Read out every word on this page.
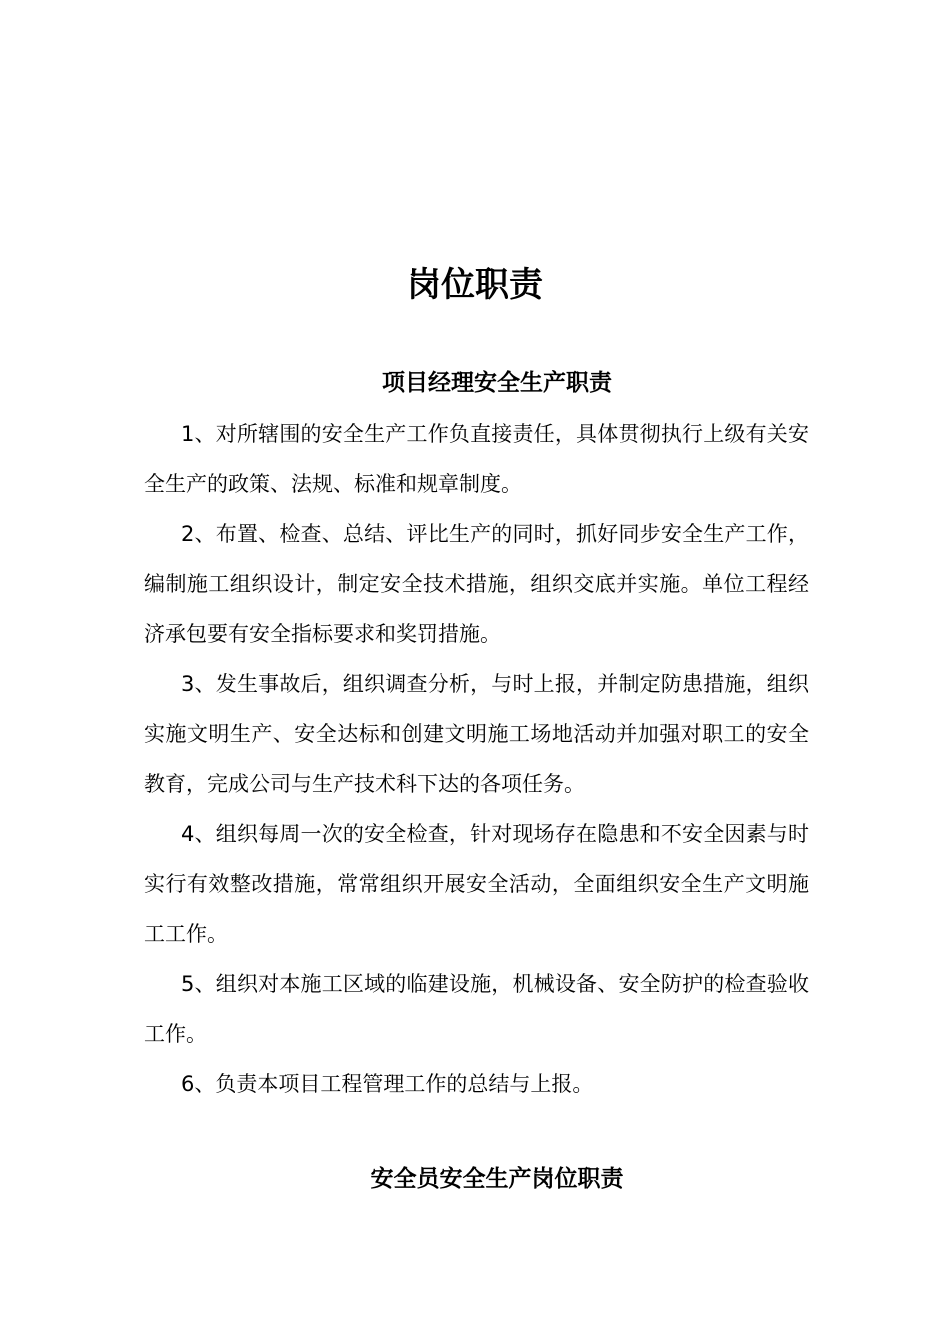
岗位职责
项目经理安全生产职责

1、对所辖围的安全生产工作负直接责任，具体贯彻执行上级有关安全生产的政策、法规、标准和规章制度。

2、布置、检查、总结、评比生产的同时，抓好同步安全生产工作，编制施工组织设计，制定安全技术措施，组织交底并实施。单位工程经济承包要有安全指标要求和奖罚措施。

3、发生事故后，组织调查分析，与时上报，并制定防患措施，组织实施文明生产、安全达标和创建文明施工场地活动并加强对职工的安全教育，完成公司与生产技术科下达的各项任务。

4、组织每周一次的安全检查，针对现场存在隐患和不安全因素与时实行有效整改措施，常常组织开展安全活动，全面组织安全生产文明施工工作。

5、组织对本施工区域的临建设施，机械设备、安全防护的检查验收工作。

6、负责本项目工程管理工作的总结与上报。

安全员安全生产岗位职责
